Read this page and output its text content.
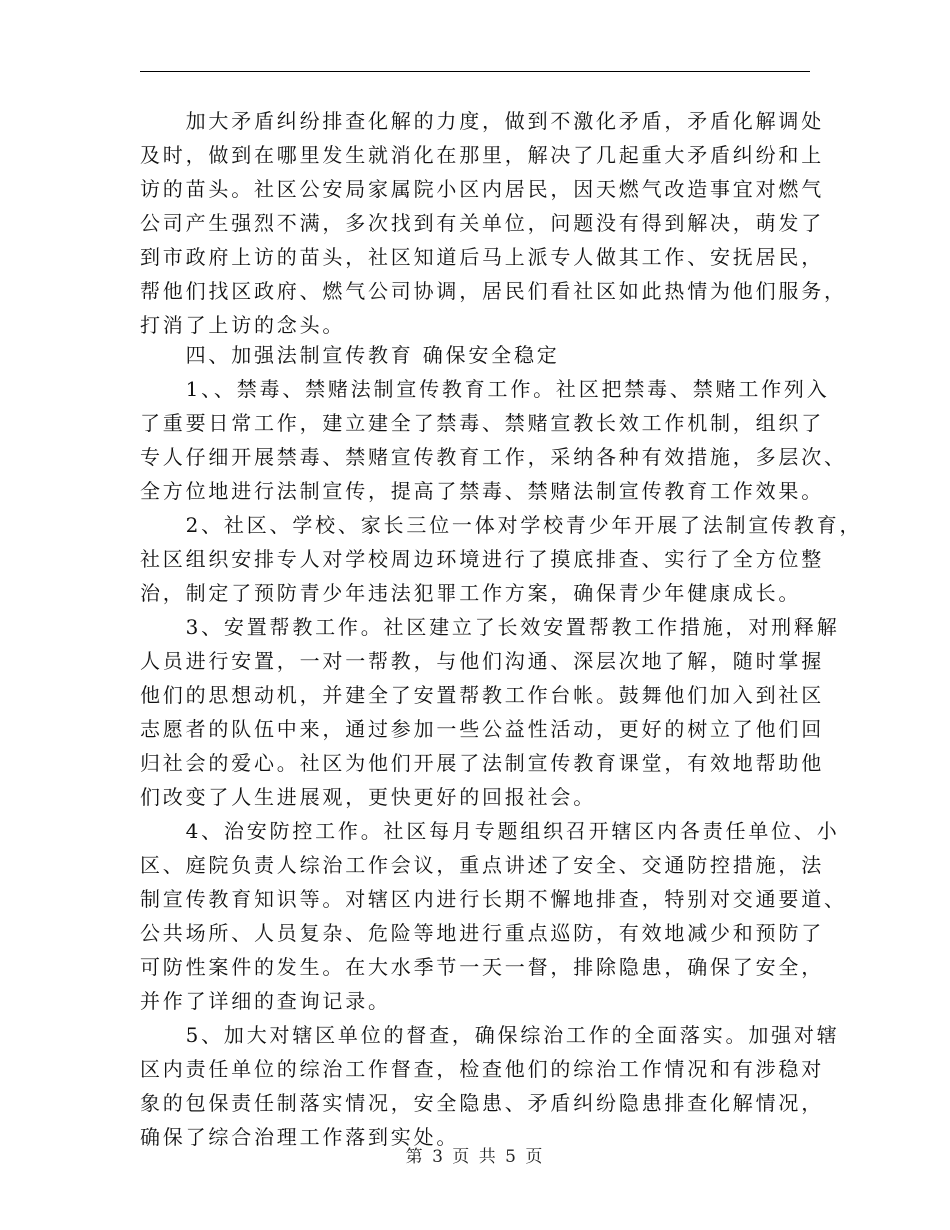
　　加大矛盾纠纷排查化解的力度，做到不激化矛盾，矛盾化解调处
及时，做到在哪里发生就消化在那里，解决了几起重大矛盾纠纷和上
访的苗头。社区公安局家属院小区内居民，因天燃气改造事宜对燃气
公司产生强烈不满，多次找到有关单位，问题没有得到解决，萌发了
到市政府上访的苗头，社区知道后马上派专人做其工作、安抚居民，
帮他们找区政府、燃气公司协调，居民们看社区如此热情为他们服务，
打消了上访的念头。
　　四、加强法制宣传教育 确保安全稳定
　　1、、禁毒、禁赌法制宣传教育工作。社区把禁毒、禁赌工作列入
了重要日常工作，建立建全了禁毒、禁赌宣教长效工作机制，组织了
专人仔细开展禁毒、禁赌宣传教育工作，采纳各种有效措施，多层次、
全方位地进行法制宣传，提高了禁毒、禁赌法制宣传教育工作效果。
　　2、社区、学校、家长三位一体对学校青少年开展了法制宣传教育，
社区组织安排专人对学校周边环境进行了摸底排查、实行了全方位整
治，制定了预防青少年违法犯罪工作方案，确保青少年健康成长。
　　3、安置帮教工作。社区建立了长效安置帮教工作措施，对刑释解
人员进行安置，一对一帮教，与他们沟通、深层次地了解，随时掌握
他们的思想动机，并建全了安置帮教工作台帐。鼓舞他们加入到社区
志愿者的队伍中来，通过参加一些公益性活动，更好的树立了他们回
归社会的爱心。社区为他们开展了法制宣传教育课堂，有效地帮助他
们改变了人生进展观，更快更好的回报社会。
　　4、治安防控工作。社区每月专题组织召开辖区内各责任单位、小
区、庭院负责人综治工作会议，重点讲述了安全、交通防控措施，法
制宣传教育知识等。对辖区内进行长期不懈地排查，特别对交通要道、
公共场所、人员复杂、危险等地进行重点巡防，有效地减少和预防了
可防性案件的发生。在大水季节一天一督，排除隐患，确保了安全，
并作了详细的查询记录。
　　5、加大对辖区单位的督查，确保综治工作的全面落实。加强对辖
区内责任单位的综治工作督查，检查他们的综治工作情况和有涉稳对
象的包保责任制落实情况，安全隐患、矛盾纠纷隐患排查化解情况，
确保了综合治理工作落到实处。
第 3 页 共 5 页
